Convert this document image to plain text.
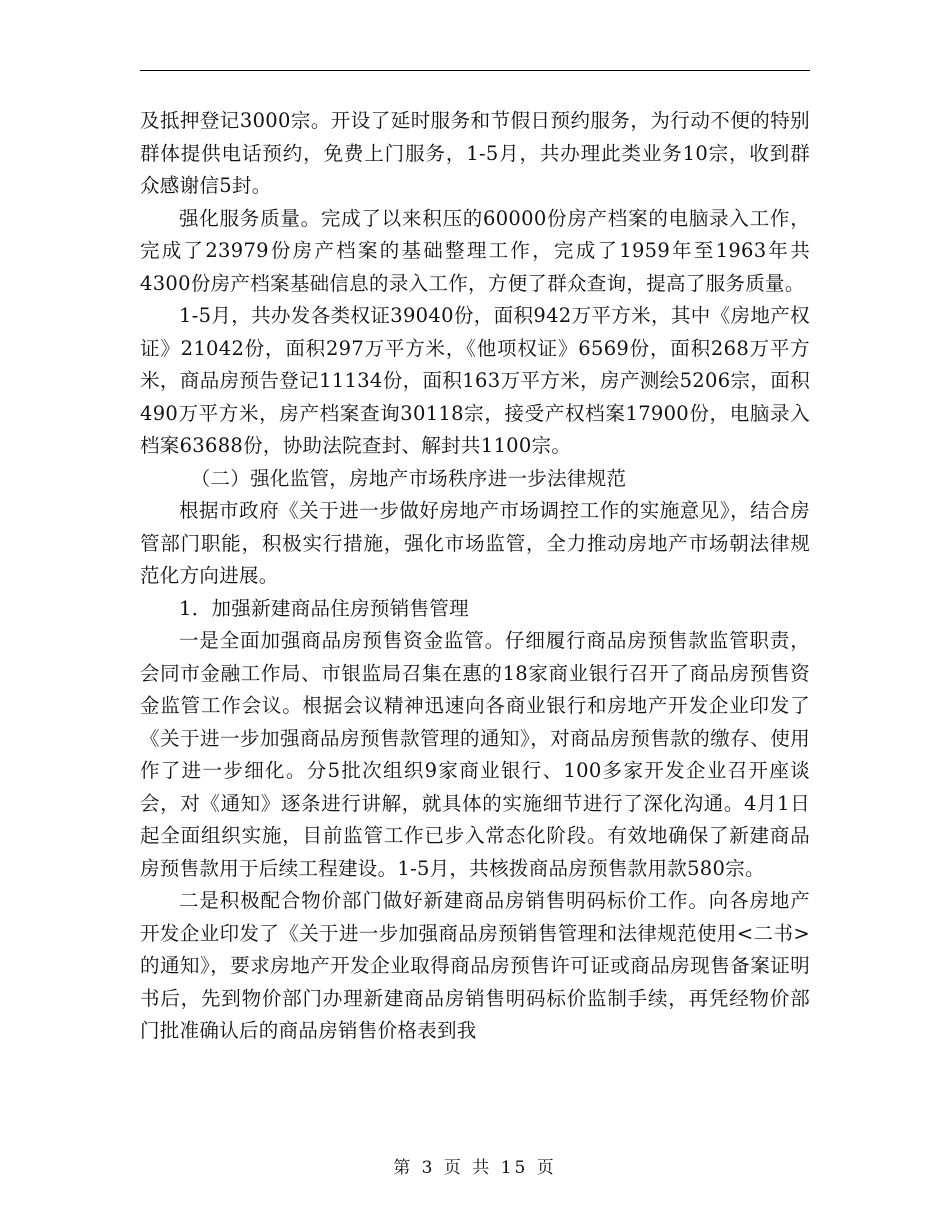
及抵押登记3000宗。开设了延时服务和节假日预约服务，为行动不便的特别群体提供电话预约，免费上门服务，1-5月，共办理此类业务10宗，收到群众感谢信5封。

强化服务质量。完成了以来积压的60000份房产档案的电脑录入工作，完成了23979份房产档案的基础整理工作，完成了1959年至1963年共4300份房产档案基础信息的录入工作，方便了群众查询，提高了服务质量。

1-5月，共办发各类权证39040份，面积942万平方米，其中《房地产权证》21042份，面积297万平方米，《他项权证》6569份，面积268万平方米，商品房预告登记11134份，面积163万平方米，房产测绘5206宗，面积490万平方米，房产档案查询30118宗，接受产权档案17900份，电脑录入档案63688份，协助法院查封、解封共1100宗。

（二）强化监管，房地产市场秩序进一步法律规范

根据市政府《关于进一步做好房地产市场调控工作的实施意见》，结合房管部门职能，积极实行措施，强化市场监管，全力推动房地产市场朝法律规范化方向进展。

1．加强新建商品住房预销售管理

一是全面加强商品房预售资金监管。仔细履行商品房预售款监管职责，会同市金融工作局、市银监局召集在惠的18家商业银行召开了商品房预售资金监管工作会议。根据会议精神迅速向各商业银行和房地产开发企业印发了《关于进一步加强商品房预售款管理的通知》，对商品房预售款的缴存、使用作了进一步细化。分5批次组织9家商业银行、100多家开发企业召开座谈会，对《通知》逐条进行讲解，就具体的实施细节进行了深化沟通。4月1日起全面组织实施，目前监管工作已步入常态化阶段。有效地确保了新建商品房预售款用于后续工程建设。1-5月，共核拨商品房预售款用款580宗。

二是积极配合物价部门做好新建商品房销售明码标价工作。向各房地产开发企业印发了《关于进一步加强商品房预销售管理和法律规范使用<二书>的通知》，要求房地产开发企业取得商品房预售许可证或商品房现售备案证明书后，先到物价部门办理新建商品房销售明码标价监制手续，再凭经物价部门批准确认后的商品房销售价格表到我

第 3 页 共 15 页
